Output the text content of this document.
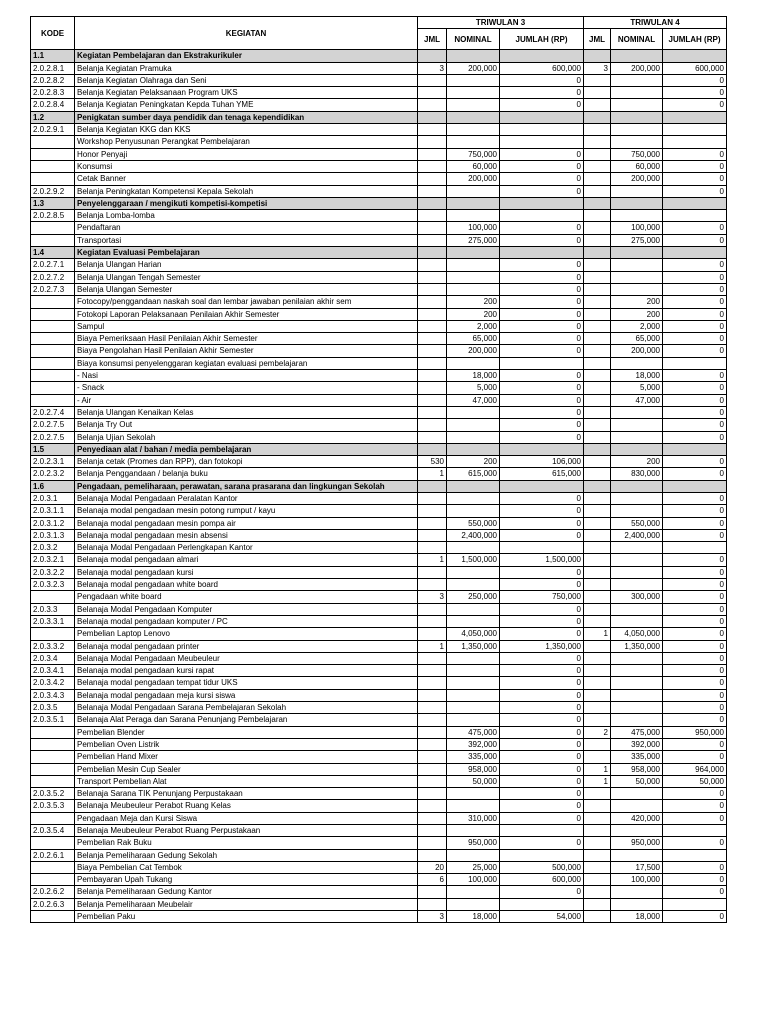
KODE	KEGIATAN	TRIWULAN 3			TRIWULAN 4		
		JML	NOMINAL	JUMLAH (RP)	JML	NOMINAL	JUMLAH (RP)
1.1	Kegiatan Pembelajaran dan Ekstrakurikuler						
2.0.2.8.1	Belanja Kegiatan Pramuka	3	200,000	600,000	3	200,000	600,000
2.0.2.8.2	Belanja Kegiatan Olahraga dan Seni			0			0
2.0.2.8.3	Belanja Kegiatan Pelaksanaan Program UKS			0			0
2.0.2.8.4	Belanja Kegiatan Peningkatan Kepda Tuhan YME			0			0
1.2	Penigkatan sumber daya pendidik dan tenaga kependidikan						
2.0.2.9.1	Belanja Kegiatan KKG dan KKS						
	Workshop Penyusunan Perangkat Pembelajaran						
	Honor Penyaji		750,000	0		750,000	0
	Konsumsi		60,000	0		60,000	0
	Cetak Banner		200,000	0		200,000	0
2.0.2.9.2	Belanja Peningkatan Kompetensi Kepala Sekolah			0			0
1.3	Penyelenggaraan / mengikuti kompetisi-kompetisi						
2.0.2.8.5	Belanja Lomba-lomba						
	Pendaftaran		100,000	0		100,000	0
	Transportasi		275,000	0		275,000	0
1.4	Kegiatan Evaluasi Pembelajaran						
2.0.2.7.1	Belanja Ulangan Harian			0			0
2.0.2.7.2	Belanja Ulangan Tengah Semester			0			0
2.0.2.7.3	Belanja Ulangan Semester			0			0
	Fotocopy/penggandaan naskah soal dan lembar jawaban penilaian akhir sem		200	0		200	0
	Fotokopi Laporan Pelaksanaan Penilaian Akhir Semester		200	0		200	0
	Sampul		2,000	0		2,000	0
	Biaya Pemeriksaan Hasil Penilaian Akhir Semester		65,000	0		65,000	0
	Biaya Pengolahan Hasil Penilaian Akhir Semester		200,000	0		200,000	0
	Biaya konsumsi penyelenggaran kegiatan evaluasi pembelajaran						
	- Nasi		18,000	0		18,000	0
	- Snack		5,000	0		5,000	0
	- Air		47,000	0		47,000	0
2.0.2.7.4	Belanja Ulangan Kenaikan Kelas			0			0
2.0.2.7.5	Belanja Try Out			0			0
2.0.2.7.5	Belanja Ujian Sekolah			0			0
1.5	Penyediaan alat / bahan / media pembelajaran						
2.0.2.3.1	Belanja cetak (Promes dan RPP), dan fotokopi	530	200	106,000		200	0
2.0.2.3.2	Belanja Penggandaan / belanja buku	1	615,000	615,000		830,000	0
1.6	Pengadaan, pemeliharaan, perawatan, sarana prasarana dan lingkungan Sekolah						
2.0.3.1	Belanaja Modal Pengadaan Peralatan Kantor			0			0
2.0.3.1.1	Belanaja modal pengadaan mesin potong rumput / kayu			0			0
2.0.3.1.2	Belanaja modal pengadaan mesin pompa air		550,000	0		550,000	0
2.0.3.1.3	Belanaja modal pengadaan mesin absensi		2,400,000	0		2,400,000	0
2.0.3.2	Belanaja Modal Pengadaan Perlengkapan Kantor						
2.0.3.2.1	Belanaja modal pengadaan almari	1	1,500,000	1,500,000			0
2.0.3.2.2	Belanaja modal pengadaan kursi			0			0
2.0.3.2.3	Belanaja modal pengadaan white board			0			0
	Pengadaan white board	3	250,000	750,000		300,000	0
2.0.3.3	Belanaja Modal Pengadaan Komputer			0			0
2.0.3.3.1	Belanaja modal pengadaan komputer / PC			0			0
	Pembelian Laptop Lenovo		4,050,000	0	1	4,050,000	0
2.0.3.3.2	Belanaja modal pengadaan printer	1	1,350,000	1,350,000		1,350,000	0
2.0.3.4	Belanaja Modal Pengadaan Meubeuleur			0			0
2.0.3.4.1	Belanaja modal pengadaan kursi rapat			0			0
2.0.3.4.2	Belanaja modal pengadaan tempat tidur UKS			0			0
2.0.3.4.3	Belanaja modal pengadaan meja kursi siswa			0			0
2.0.3.5	Belanaja Modal Pengadaan Sarana Pembelajaran Sekolah			0			0
2.0.3.5.1	Belanaja Alat Peraga dan Sarana Penunjang Pembelajaran			0			0
	Pembelian Blender		475,000	0	2	475,000	950,000
	Pembelian Oven Listrik		392,000	0		392,000	0
	Pembelian Hand Mixer		335,000	0		335,000	0
	Pembelian Mesin Cup Sealer		958,000	0	1	958,000	964,000
	Transport Pembelian Alat		50,000	0	1	50,000	50,000
2.0.3.5.2	Belanaja Sarana TIK Penunjang Perpustakaan			0			0
2.0.3.5.3	Belanaja Meubeuleur Perabot Ruang Kelas			0			0
	Pengadaan Meja dan Kursi Siswa		310,000	0		420,000	0
2.0.3.5.4	Belanaja Meubeuleur Perabot Ruang Perpustakaan						
	Pembelian Rak Buku		950,000	0		950,000	0
2.0.2.6.1	Belanja Pemeliharaan Gedung Sekolah						
	Biaya Pembelian Cat Tembok	20	25,000	500,000		17,500	0
	Pembayaran Upah Tukang	6	100,000	600,000		100,000	0
2.0.2.6.2	Belanja Pemeliharaan Gedung Kantor			0			0
2.0.2.6.3	Belanja Pemeliharaan Meubelair						
	Pembelian Paku	3	18,000	54,000		18,000	0
